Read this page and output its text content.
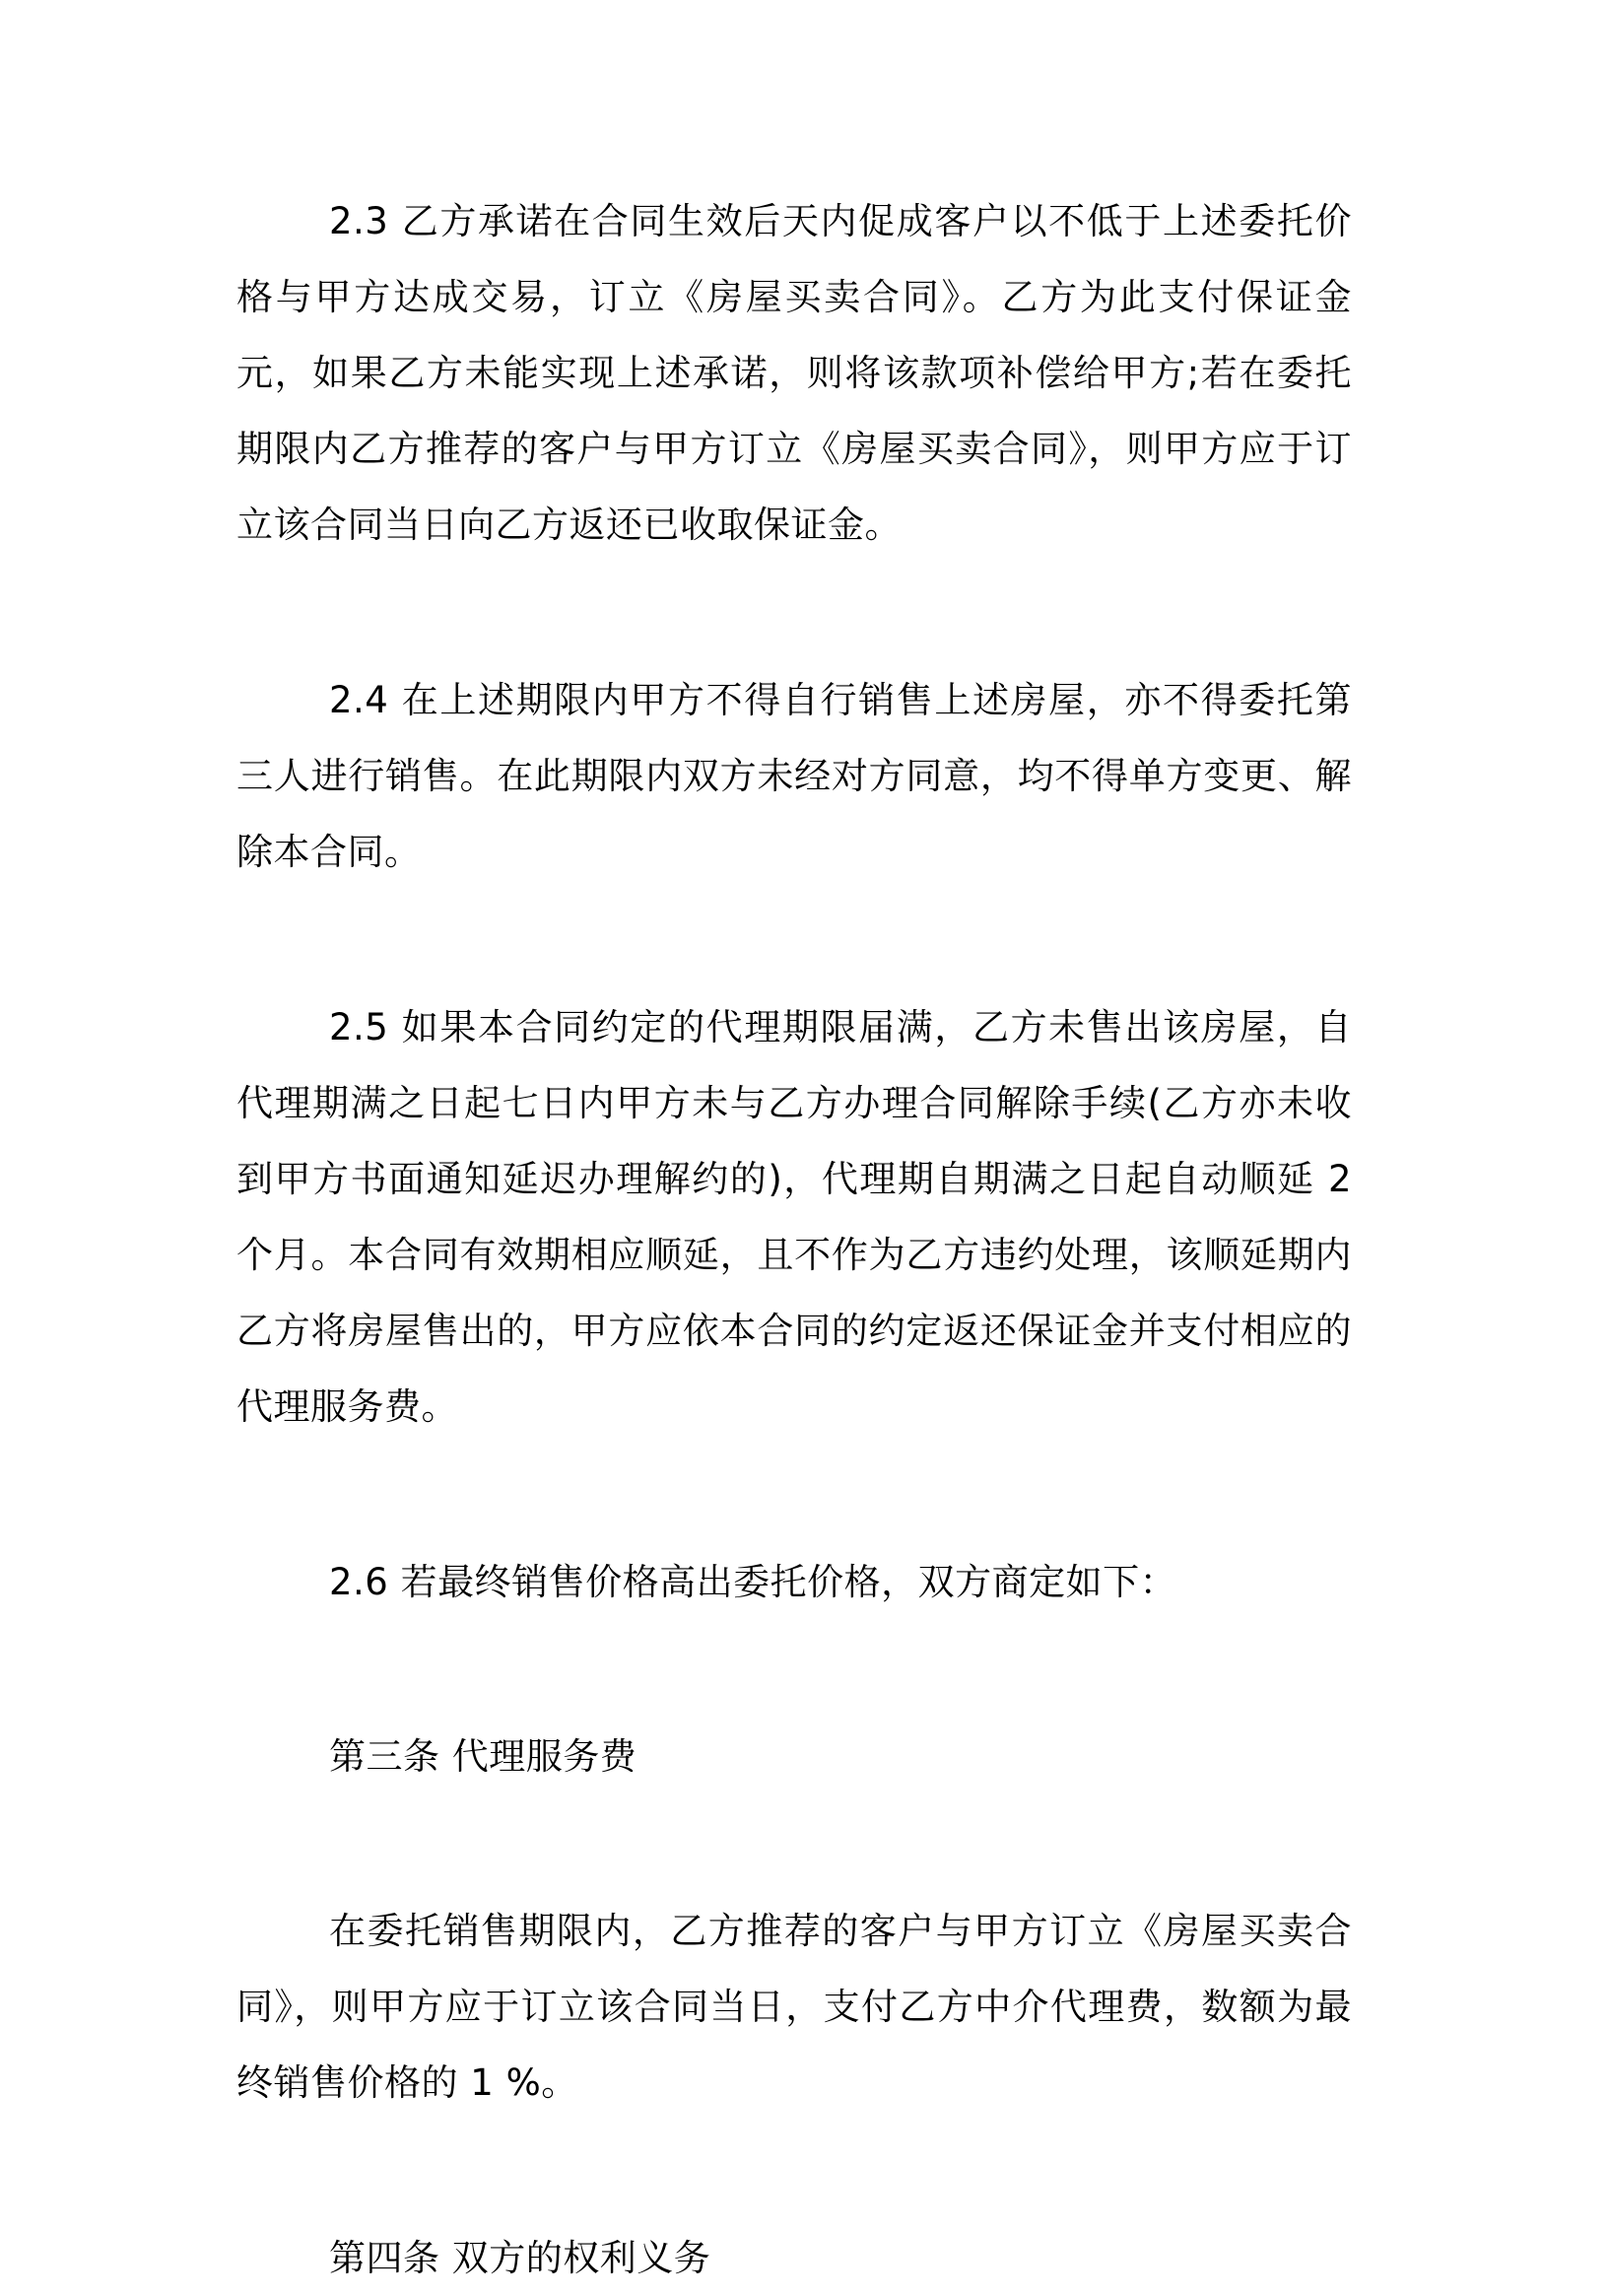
2.3 乙方承诺在合同生效后天内促成客户以不低于上述委托价格与甲方达成交易，订立《房屋买卖合同》。乙方为此支付保证金 元，如果乙方未能实现上述承诺，则将该款项补偿给甲方;若在委托期限内乙方推荐的客户与甲方订立《房屋买卖合同》，则甲方应于订立该合同当日向乙方返还已收取保证金。

2.4 在上述期限内甲方不得自行销售上述房屋，亦不得委托第三人进行销售。在此期限内双方未经对方同意，均不得单方变更、解除本合同。

2.5 如果本合同约定的代理期限届满，乙方未售出该房屋，自代理期满之日起七日内甲方未与乙方办理合同解除手续(乙方亦未收到甲方书面通知延迟办理解约的)，代理期自期满之日起自动顺延 2 个月。本合同有效期相应顺延，且不作为乙方违约处理，该顺延期内乙方将房屋售出的，甲方应依本合同的约定返还保证金并支付相应的代理服务费。

2.6 若最终销售价格高出委托价格，双方商定如下：

第三条 代理服务费

在委托销售期限内，乙方推荐的客户与甲方订立《房屋买卖合同》，则甲方应于订立该合同当日，支付乙方中介代理费，数额为最终销售价格的 1 %。

第四条 双方的权利义务
